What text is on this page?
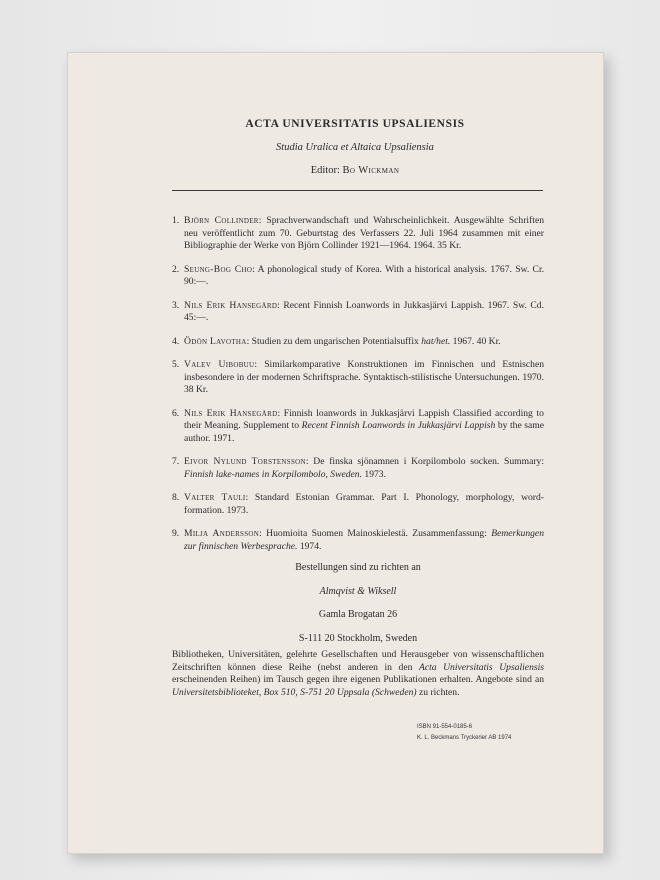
ACTA UNIVERSITATIS UPSALIENSIS
Studia Uralica et Altaica Upsaliensia
Editor: Bo Wickman
1. Björn Collinder: Sprachverwandschaft und Wahrscheinlichkeit. Ausgewählte Schriften neu veröffentlicht zum 70. Geburtstag des Verfassers 22. Juli 1964 zusammen mit einer Bibliographie der Werke von Björn Collinder 1921—1964. 1964. 35 Kr.
2. Seung-Bog Cho: A phonological study of Korea. With a historical analysis. 1767. Sw. Cr. 90:—.
3. Nils Erik Hansegård: Recent Finnish Loanwords in Jukkasjärvi Lappish. 1967. Sw. Cd. 45:—.
4. Ödön Lavotha: Studien zu dem ungarischen Potentialsuffix hat/het. 1967. 40 Kr.
5. Valev Uibobuu: Similarkomparative Konstruktionen im Finnischen und Estnischen insbesondere in der modernen Schriftsprache. Syntaktisch-stilistische Untersuchungen. 1970. 38 Kr.
6. Nils Erik Hansegård: Finnish loanwords in Jukkasjärvi Lappish Classified according to their Meaning. Supplement to Recent Finnish Loanwords in Jukkasjärvi Lappish by the same author. 1971.
7. Eivor Nylund Torstensson: De finska sjönamnen i Korpilombolo socken. Summary: Finnish lake-names in Korpilombolo, Sweden. 1973.
8. Valter Tauli: Standard Estonian Grammar. Part I. Phonology, morphology, word-formation. 1973.
9. Milja Andersson: Huomioita Suomen Mainoskielestä. Zusammenfassung: Bemerkungen zur finnischen Werbesprache. 1974.
Bestellungen sind zu richten an
Almqvist & Wiksell
Gamla Brogatan 26
S-111 20 Stockholm, Sweden
Bibliotheken, Universitäten, gelehrte Gesellschaften und Herausgeber von wissenschaftlichen Zeitschriften können diese Reihe (nebst anderen in den Acta Universitatis Upsaliensis erscheinenden Reihen) im Tausch gegen ihre eigenen Publikationen erhalten. Angebote sind an Universitetsbiblioteket, Box 510, S-751 20 Uppsala (Schweden) zu richten.
ISBN 91-554-0185-6
K. L. Beckmans Tryckerier AB 1974
